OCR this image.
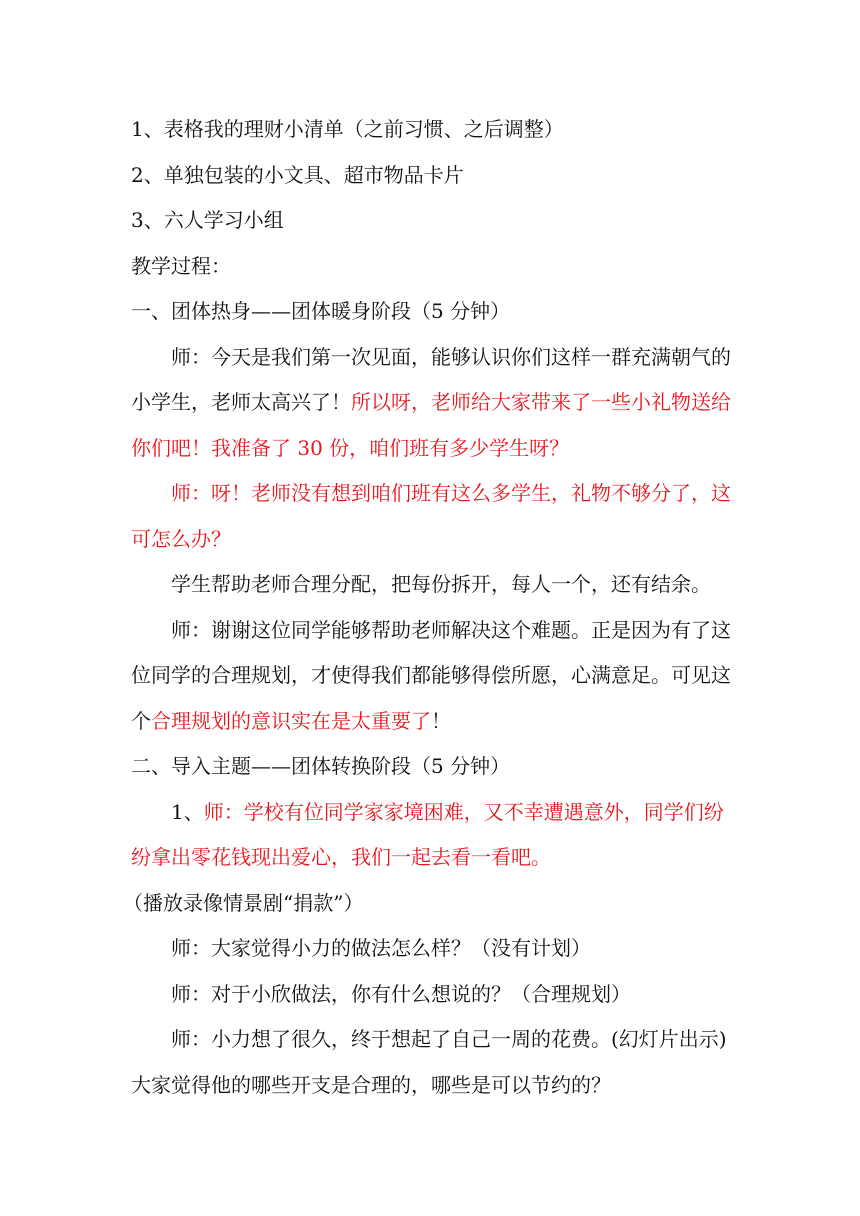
1、表格我的理财小清单（之前习惯、之后调整）
2、单独包装的小文具、超市物品卡片
3、六人学习小组
教学过程：
一、团体热身——团体暖身阶段（5 分钟）
师：今天是我们第一次见面，能够认识你们这样一群充满朝气的
小学生，老师太高兴了！所以呀，老师给大家带来了一些小礼物送给
你们吧！我准备了 30 份，咱们班有多少学生呀？
师：呀！老师没有想到咱们班有这么多学生，礼物不够分了，这
可怎么办？
学生帮助老师合理分配，把每份拆开，每人一个，还有结余。
师：谢谢这位同学能够帮助老师解决这个难题。正是因为有了这
位同学的合理规划，才使得我们都能够得偿所愿，心满意足。可见这
个合理规划的意识实在是太重要了！
二、导入主题——团体转换阶段（5 分钟）
1、师：学校有位同学家家境困难，又不幸遭遇意外，同学们纷
纷拿出零花钱现出爱心，我们一起去看一看吧。
（播放录像情景剧“捐款”）
师：大家觉得小力的做法怎么样？（没有计划）
师：对于小欣做法，你有什么想说的？（合理规划）
师：小力想了很久，终于想起了自己一周的花费。(幻灯片出示)
大家觉得他的哪些开支是合理的，哪些是可以节约的？
